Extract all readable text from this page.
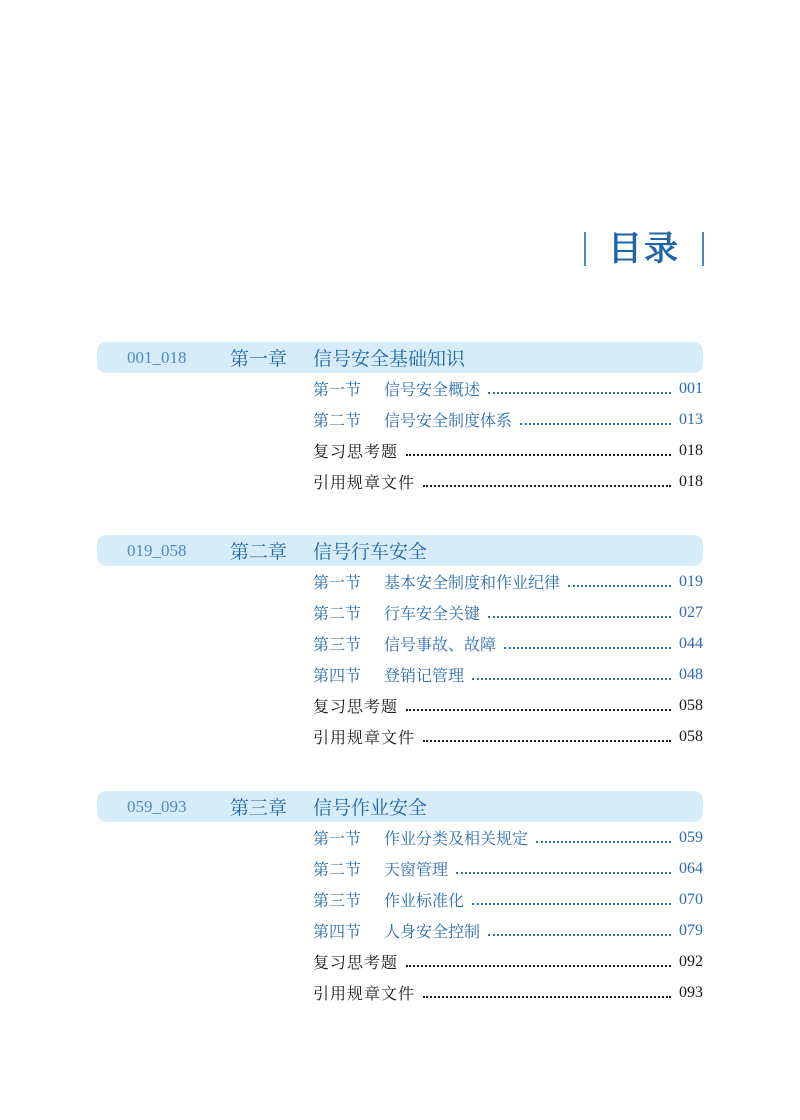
目录
001_018 第一章 信号安全基础知识
第一节	信号安全概述	001
第二节	信号安全制度体系	013
复习思考题	018
引用规章文件	018
019_058 第二章 信号行车安全
第一节	基本安全制度和作业纪律	019
第二节	行车安全关键	027
第三节	信号事故、故障	044
第四节	登销记管理	048
复习思考题	058
引用规章文件	058
059_093 第三章 信号作业安全
第一节	作业分类及相关规定	059
第二节	天窗管理	064
第三节	作业标准化	070
第四节	人身安全控制	079
复习思考题	092
引用规章文件	093
